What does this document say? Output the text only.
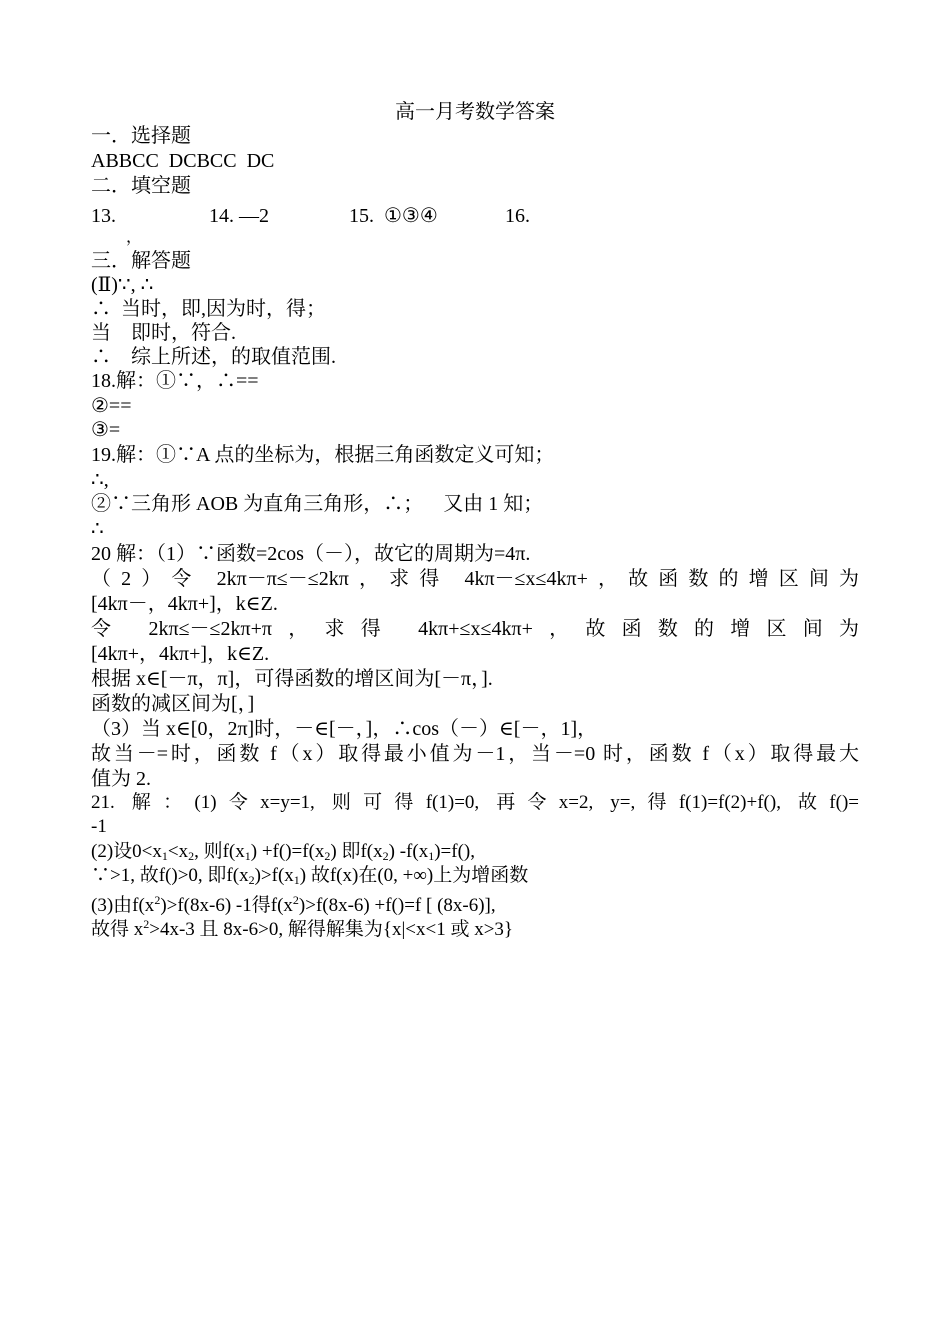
高一月考数学答案
一．选择题
ABBCC  DCBCC  DC
二．填空题
13.	14. —2	15.  ①③④	16.
，
三．解答题
(Ⅱ)∵, ∴
∴  当时，即,因为时，得；
当    即时，符合.
∴    综上所述，的取值范围.
18.解：①∵，∴==
②==
③=
19.解：①∵A 点的坐标为，根据三角函数定义可知；
∴,
②∵三角形 AOB 为直角三角形，∴；    又由 1 知；
∴
20 解：（1）∵函数=2cos（－），故它的周期为=4π.
（2）令 2kπ－π≤－≤2kπ，求得 4kπ－≤x≤4kπ+，故函数的增区间为
[4kπ－，4kπ+]，k∈Z.
令 2kπ≤－≤2kπ+π，求得 4kπ+≤x≤4kπ+，故函数的增区间为
[4kπ+，4kπ+]，k∈Z.
根据 x∈[－π，π]，可得函数的增区间为[－π，].
函数的减区间为[，]
（3）当 x∈[0，2π]时，－∈[－，]，∴cos（－）∈[－，1]，
故当－=时，函数 f（x）取得最小值为－1，当－=0 时，函数 f（x）取得最大
值为 2.
21. 解：(1)令x=y=1, 则可得f(1)=0, 再令x=2, y=,得f(1)=f(2)+f(), 故f()=
-1
(2)设$0<x_1<x_2$, 则$f(x_1) +f()=f(x_2)$ 即$f(x_2)$ $-f(x_1)=f()$,
∵>1, 故f()>0, 即$f(x_2)>f(x_1)$ 故f(x)在(0, +∞)上为增函数
(3)由$f(x^2)>f(8x-6)$ -1得$f(x^2)>f(8x-6) +f()=f$ [ (8x-6)],
故得 $x^2>4x-3$ 且 8x-6>0, 解得解集为{x|<x<1 或 x>3}
